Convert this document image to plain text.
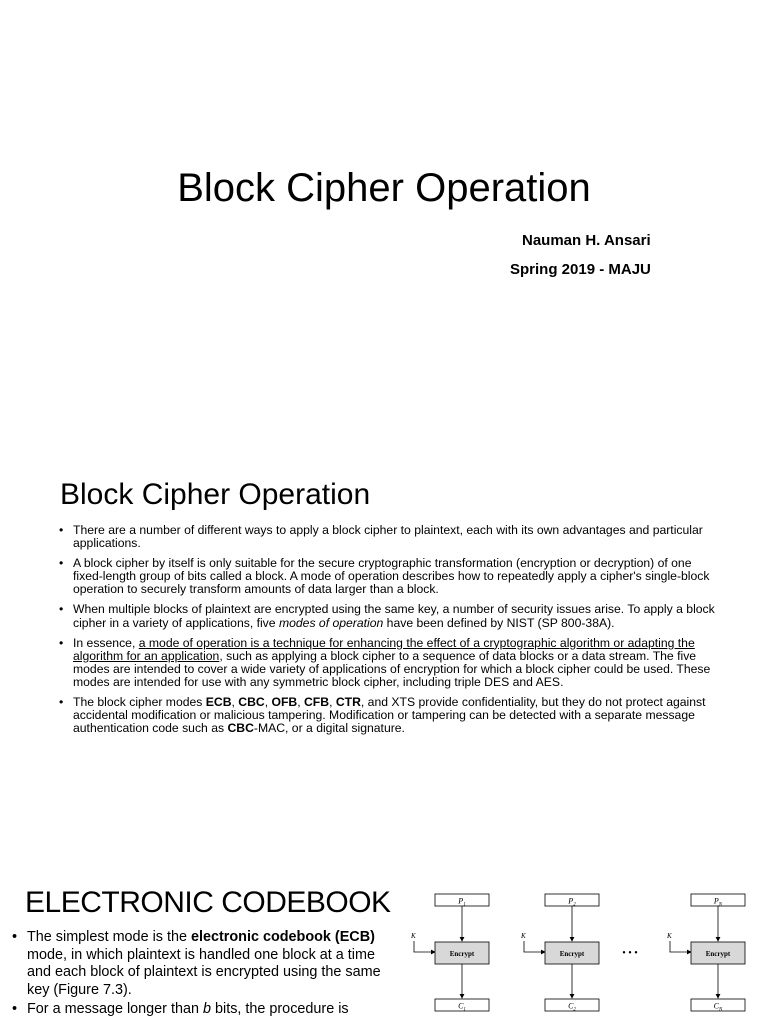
Block Cipher Operation
Nauman H. Ansari
Spring 2019 - MAJU
Block Cipher Operation
• There are a number of different ways to apply a block cipher to plaintext, each with its own advantages and particular applications.
• A block cipher by itself is only suitable for the secure cryptographic transformation (encryption or decryption) of one fixed-length group of bits called a block. A mode of operation describes how to repeatedly apply a cipher's single-block operation to securely transform amounts of data larger than a block.
• When multiple blocks of plaintext are encrypted using the same key, a number of security issues arise. To apply a block cipher in a variety of applications, five modes of operation have been defined by NIST (SP 800-38A).
• In essence, a mode of operation is a technique for enhancing the effect of a cryptographic algorithm or adapting the algorithm for an application, such as applying a block cipher to a sequence of data blocks or a data stream. The five modes are intended to cover a wide variety of applications of encryption for which a block cipher could be used. These modes are intended for use with any symmetric block cipher, including triple DES and AES.
• The block cipher modes ECB, CBC, OFB, CFB, CTR, and XTS provide confidentiality, but they do not protect against accidental modification or malicious tampering. Modification or tampering can be detected with a separate message authentication code such as CBC-MAC, or a digital signature.
ELECTRONIC CODEBOOK
• The simplest mode is the electronic codebook (ECB) mode, in which plaintext is handled one block at a time and each block of plaintext is encrypted using the same key (Figure 7.3).
• For a message longer than b bits, the procedure is
$P_1$
K
Encrypt
$C_1$
$P_2$
K
Encrypt
$C_2$
• • •
$P_N$
K
Encrypt
$C_N$
